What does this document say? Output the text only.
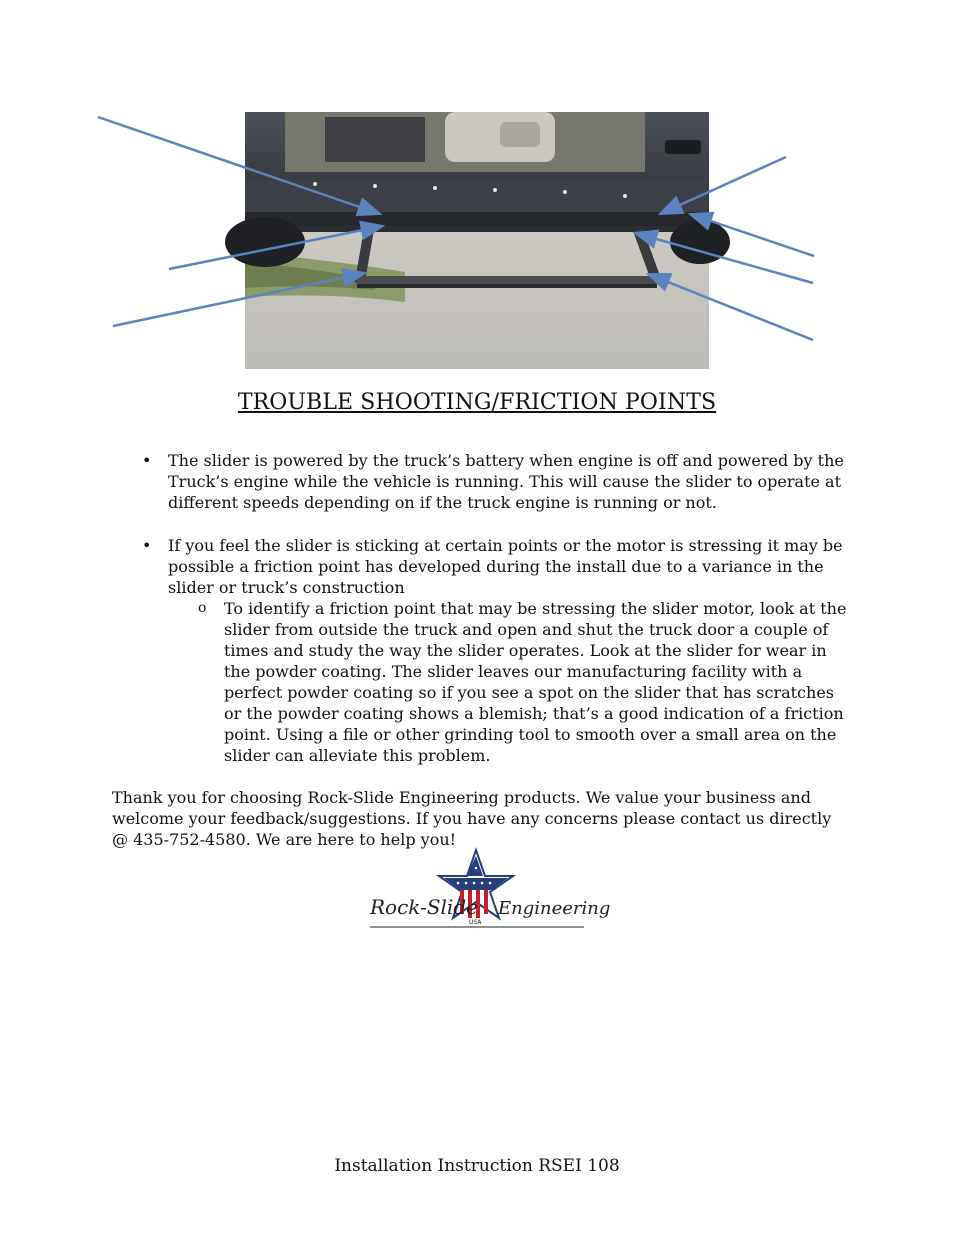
TROUBLE SHOOTING/FRICTION POINTS
• The slider is powered by the truck’s battery when engine is off and powered by the Truck’s engine while the vehicle is running. This will cause the slider to operate at different speeds depending on if the truck engine is running or not.
• If you feel the slider is sticking at certain points or the motor is stressing it may be possible a friction point has developed during the install due to a variance in the slider or truck’s construction
o To identify a friction point that may be stressing the slider motor, look at the slider from outside the truck and open and shut the truck door a couple of times and study the way the slider operates. Look at the slider for wear in the powder coating. The slider leaves our manufacturing facility with a perfect powder coating so if you see a spot on the slider that has scratches or the powder coating shows a blemish; that’s a good indication of a friction point. Using a file or other grinding tool to smooth over a small area on the slider can alleviate this problem.
Thank you for choosing Rock-Slide Engineering products. We value your business and welcome your feedback/suggestions. If you have any concerns please contact us directly @ 435-752-4580. We are here to help you!
Rock-Slide Engineering
USA
Installation Instruction RSEI 108
